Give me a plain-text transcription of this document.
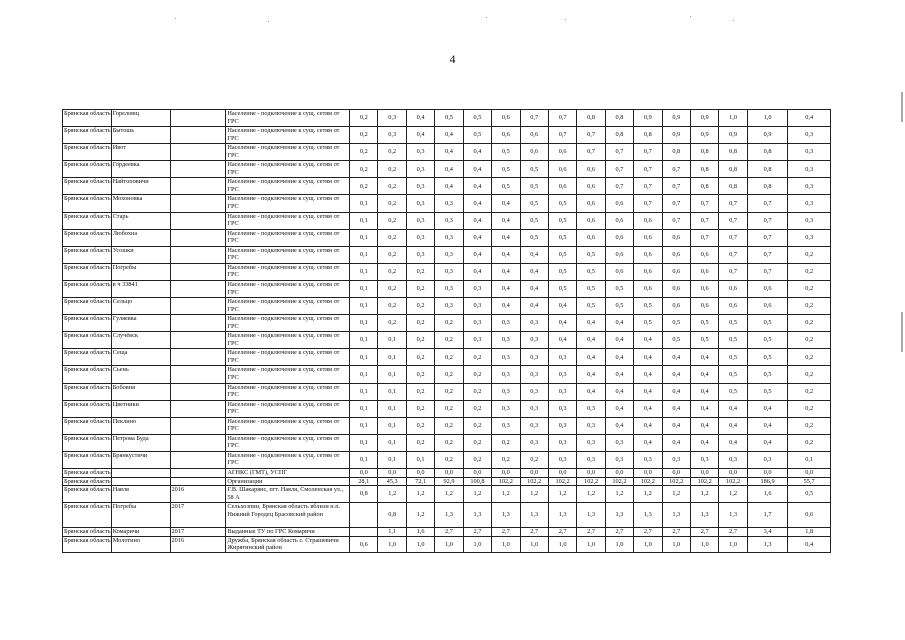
4
Брянская область	Гореловщ		Население - подключение к сущ. сетям от ГРС	0,2	0,3	0,4	0,5	0,5	0,6	0,7	0,7	0,8	0,8	0,9	0,9	0,9	1,0	1,0	0,4
Брянская область	Бытошь		Население - подключение к сущ. сетям от ГРС	0,2	0,3	0,4	0,4	0,5	0,6	0,6	0,7	0,7	0,8	0,8	0,9	0,9	0,9	0,9	0,3
Брянская область	Ивот		Население - подключение к сущ. сетям от ГРС	0,2	0,2	0,3	0,4	0,4	0,5	0,6	0,6	0,7	0,7	0,7	0,8	0,8	0,8	0,8	0,3
Брянская область	Гордеевка		Население - подключение к сущ. сетям от ГРС	0,2	0,2	0,3	0,4	0,4	0,5	0,5	0,6	0,6	0,7	0,7	0,7	0,8	0,8	0,8	0,3
Брянская область	Найтоповичи		Население - подключение к сущ. сетям от ГРС	0,2	0,2	0,3	0,4	0,4	0,5	0,5	0,6	0,6	0,7	0,7	0,7	0,8	0,8	0,8	0,3
Брянская область	Мохоновка		Население - подключение к сущ. сетям от ГРС	0,1	0,2	0,3	0,3	0,4	0,4	0,5	0,5	0,6	0,6	0,7	0,7	0,7	0,7	0,7	0,3
Брянская область	Старь		Население - подключение к сущ. сетям от ГРС	0,1	0,2	0,3	0,3	0,4	0,4	0,5	0,5	0,6	0,6	0,6	0,7	0,7	0,7	0,7	0,3
Брянская область	Любохна		Население - подключение к сущ. сетям от ГРС	0,1	0,2	0,3	0,3	0,4	0,4	0,5	0,5	0,6	0,6	0,6	0,6	0,7	0,7	0,7	0,3
Брянская область	Усошки		Население - подключение к сущ. сетям от ГРС	0,1	0,2	0,3	0,3	0,4	0,4	0,4	0,5	0,5	0,6	0,6	0,6	0,6	0,7	0,7	0,2
Брянская область	Погребы		Население - подключение к сущ. сетям от ГРС	0,1	0,2	0,2	0,3	0,4	0,4	0,4	0,5	0,5	0,6	0,6	0,6	0,6	0,7	0,7	0,2
Брянская область	в ч 33841		Население - подключение к сущ. сетям от ГРС	0,1	0,2	0,2	0,3	0,3	0,4	0,4	0,5	0,5	0,5	0,6	0,6	0,6	0,6	0,6	0,2
Брянская область	Сельцо		Население - подключение к сущ. сетям от ГРС	0,1	0,2	0,2	0,3	0,3	0,4	0,4	0,4	0,5	0,5	0,5	0,6	0,6	0,6	0,6	0,2
Брянская область	Гуляевка		Население - подключение к сущ. сетям от ГРС	0,1	0,2	0,2	0,2	0,3	0,3	0,3	0,4	0,4	0,4	0,5	0,5	0,5	0,5	0,5	0,2
Брянская область	Случёвск		Население - подключение к сущ. сетям от ГРС	0,1	0,1	0,2	0,2	0,3	0,3	0,3	0,4	0,4	0,4	0,4	0,5	0,5	0,5	0,5	0,2
Брянская область	Сеща		Население - подключение к сущ. сетям от ГРС	0,1	0,1	0,2	0,2	0,2	0,3	0,3	0,3	0,4	0,4	0,4	0,4	0,4	0,5	0,5	0,2
Брянская область	Сьень		Население - подключение к сущ. сетям от ГРС	0,1	0,1	0,2	0,2	0,2	0,3	0,3	0,3	0,4	0,4	0,4	0,4	0,4	0,5	0,5	0,2
Брянская область	Бобовня		Население - подключение к сущ. сетям от ГРС	0,1	0,1	0,2	0,2	0,2	0,3	0,3	0,3	0,4	0,4	0,4	0,4	0,4	0,5	0,5	0,2
Брянская область	Цветники		Население - подключение к сущ. сетям от ГРС	0,1	0,1	0,2	0,2	0,2	0,3	0,3	0,3	0,3	0,4	0,4	0,4	0,4	0,4	0,4	0,2
Брянская область	Пеклино		Население - подключение к сущ. сетям от ГРС	0,1	0,1	0,2	0,2	0,2	0,3	0,3	0,3	0,3	0,4	0,4	0,4	0,4	0,4	0,4	0,2
Брянская область	Петрова Буда		Население - подключение к сущ. сетям от ГРС	0,1	0,1	0,2	0,2	0,2	0,2	0,3	0,3	0,3	0,3	0,4	0,4	0,4	0,4	0,4	0,2
Брянская область	Брянкустичи		Население - подключение к сущ. сетям от ГРС	0,1	0,1	0,1	0,2	0,2	0,2	0,2	0,3	0,3	0,3	0,3	0,3	0,3	0,3	0,3	0,1
Брянская область			АГНКС (ГМТ), УСПГ	0,0	0,0	0,0	0,0	0,0	0,0	0,0	0,0	0,0	0,0	0,0	0,0	0,0	0,0	0,0	0,0
Брянская область			Организации	28,1	45,3	72,1	92,9	100,8	102,2	102,2	102,2	102,2	102,2	102,2	102,2	102,2	102,2	186,9	55,7
Брянская область	Навля	2016	Г.В. Шакарянс, пгт. Навля, Смоленская ул., 58 А	0,8	1,2	1,2	1,2	1,2	1,2	1,2	1,2	1,2	1,2	1,2	1,2	1,2	1,2	1,6	0,5
Брянская область	Погребы	2017	Сельхозпин, Брянская область вблизи н.п. Нижний Городец Брасовский район		0,8	1,2	1,3	1,3	1,3	1,3	1,3	1,3	1,3	1,3	1,3	1,3	1,3	1,7	0,6
Брянская область	Комаричи	2017	Выданные ТУ по ГРС Комаричи		1,1	1,6	2,7	2,7	2,7	2,7	2,7	2,7	2,7	2,7	2,7	2,7	2,7	3,4	1,8
Брянская область	Молотино	2016	Дружба, Брянская область с. Страшевичи Жирятинский район	0,6	1,0	1,0	1,0	1,0	1,0	1,0	1,0	1,0	1,0	1,0	1,0	1,0	1,0	1,3	0,4
